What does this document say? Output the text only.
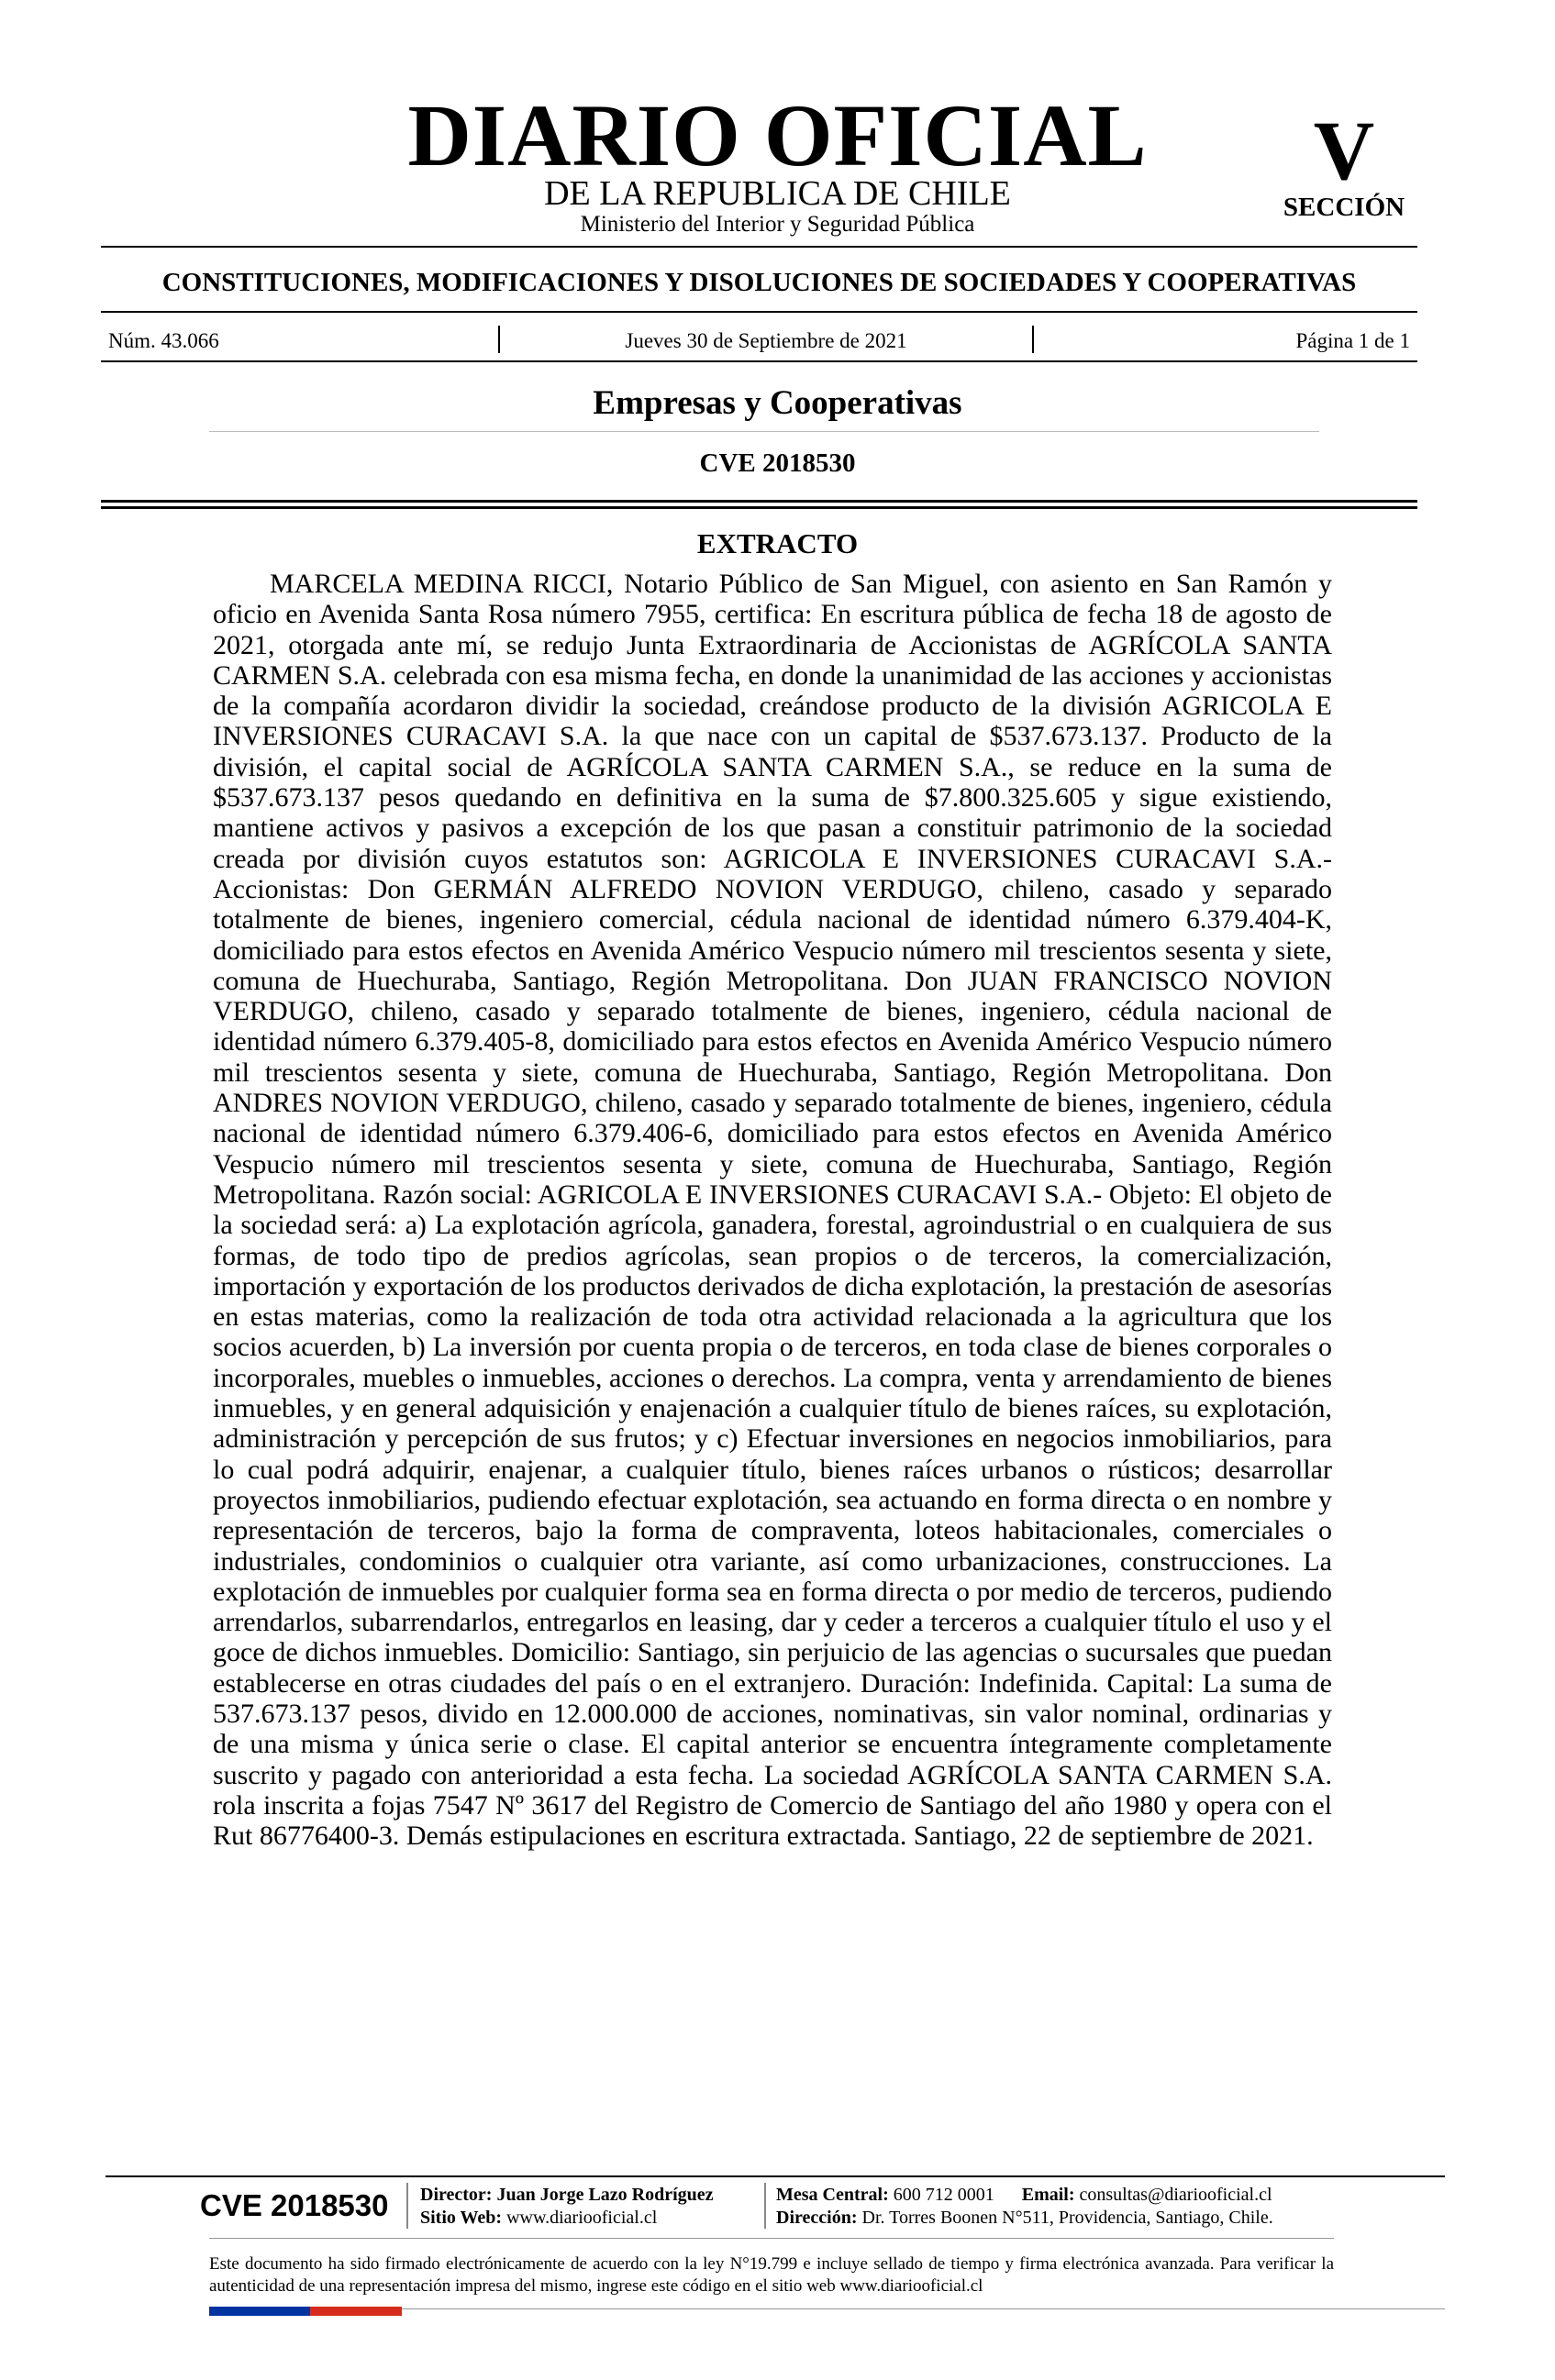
DIARIO OFICIAL
DE LA REPUBLICA DE CHILE
Ministerio del Interior y Seguridad Pública
V
SECCIÓN
CONSTITUCIONES, MODIFICACIONES Y DISOLUCIONES DE SOCIEDADES Y COOPERATIVAS
Núm. 43.066	Jueves 30 de Septiembre de 2021	Página 1 de 1
Empresas y Cooperativas
CVE 2018530
EXTRACTO

MARCELA MEDINA RICCI, Notario Público de San Miguel, con asiento en San Ramón y oficio en Avenida Santa Rosa número 7955, certifica: En escritura pública de fecha 18 de agosto de 2021, otorgada ante mí, se redujo Junta Extraordinaria de Accionistas de AGRÍCOLA SANTA CARMEN S.A. celebrada con esa misma fecha, en donde la unanimidad de las acciones y accionistas de la compañía acordaron dividir la sociedad, creándose producto de la división AGRICOLA E INVERSIONES CURACAVI S.A. la que nace con un capital de $537.673.137. Producto de la división, el capital social de AGRÍCOLA SANTA CARMEN S.A., se reduce en la suma de $537.673.137 pesos quedando en definitiva en la suma de $7.800.325.605 y sigue existiendo, mantiene activos y pasivos a excepción de los que pasan a constituir patrimonio de la sociedad creada por división cuyos estatutos son: AGRICOLA E INVERSIONES CURACAVI S.A.- Accionistas: Don GERMÁN ALFREDO NOVION VERDUGO, chileno, casado y separado totalmente de bienes, ingeniero comercial, cédula nacional de identidad número 6.379.404-K, domiciliado para estos efectos en Avenida Américo Vespucio número mil trescientos sesenta y siete, comuna de Huechuraba, Santiago, Región Metropolitana. Don JUAN FRANCISCO NOVION VERDUGO, chileno, casado y separado totalmente de bienes, ingeniero, cédula nacional de identidad número 6.379.405-8, domiciliado para estos efectos en Avenida Américo Vespucio número mil trescientos sesenta y siete, comuna de Huechuraba, Santiago, Región Metropolitana. Don ANDRES NOVION VERDUGO, chileno, casado y separado totalmente de bienes, ingeniero, cédula nacional de identidad número 6.379.406-6, domiciliado para estos efectos en Avenida Américo Vespucio número mil trescientos sesenta y siete, comuna de Huechuraba, Santiago, Región Metropolitana. Razón social: AGRICOLA E INVERSIONES CURACAVI S.A.- Objeto: El objeto de la sociedad será: a) La explotación agrícola, ganadera, forestal, agroindustrial o en cualquiera de sus formas, de todo tipo de predios agrícolas, sean propios o de terceros, la comercialización, importación y exportación de los productos derivados de dicha explotación, la prestación de asesorías en estas materias, como la realización de toda otra actividad relacionada a la agricultura que los socios acuerden, b) La inversión por cuenta propia o de terceros, en toda clase de bienes corporales o incorporales, muebles o inmuebles, acciones o derechos. La compra, venta y arrendamiento de bienes inmuebles, y en general adquisición y enajenación a cualquier título de bienes raíces, su explotación, administración y percepción de sus frutos; y c) Efectuar inversiones en negocios inmobiliarios, para lo cual podrá adquirir, enajenar, a cualquier título, bienes raíces urbanos o rústicos; desarrollar proyectos inmobiliarios, pudiendo efectuar explotación, sea actuando en forma directa o en nombre y representación de terceros, bajo la forma de compraventa, loteos habitacionales, comerciales o industriales, condominios o cualquier otra variante, así como urbanizaciones, construcciones. La explotación de inmuebles por cualquier forma sea en forma directa o por medio de terceros, pudiendo arrendarlos, subarrendarlos, entregarlos en leasing, dar y ceder a terceros a cualquier título el uso y el goce de dichos inmuebles. Domicilio: Santiago, sin perjuicio de las agencias o sucursales que puedan establecerse en otras ciudades del país o en el extranjero. Duración: Indefinida. Capital: La suma de 537.673.137 pesos, divido en 12.000.000 de acciones, nominativas, sin valor nominal, ordinarias y de una misma y única serie o clase. El capital anterior se encuentra íntegramente completamente suscrito y pagado con anterioridad a esta fecha. La sociedad AGRÍCOLA SANTA CARMEN S.A. rola inscrita a fojas 7547 Nº 3617 del Registro de Comercio de Santiago del año 1980 y opera con el Rut 86776400-3. Demás estipulaciones en escritura extractada. Santiago, 22 de septiembre de 2021.

CVE 2018530 Director: Juan Jorge Lazo Rodríguez
Sitio Web: www.diariooficial.cl
Mesa Central: 600 712 0001 Email: consultas@diariooficial.cl
Dirección: Dr. Torres Boonen N°511, Providencia, Santiago, Chile.

Este documento ha sido firmado electrónicamente de acuerdo con la ley N°19.799 e incluye sellado de tiempo y firma electrónica avanzada. Para verificar la autenticidad de una representación impresa del mismo, ingrese este código en el sitio web www.diariooficial.cl
